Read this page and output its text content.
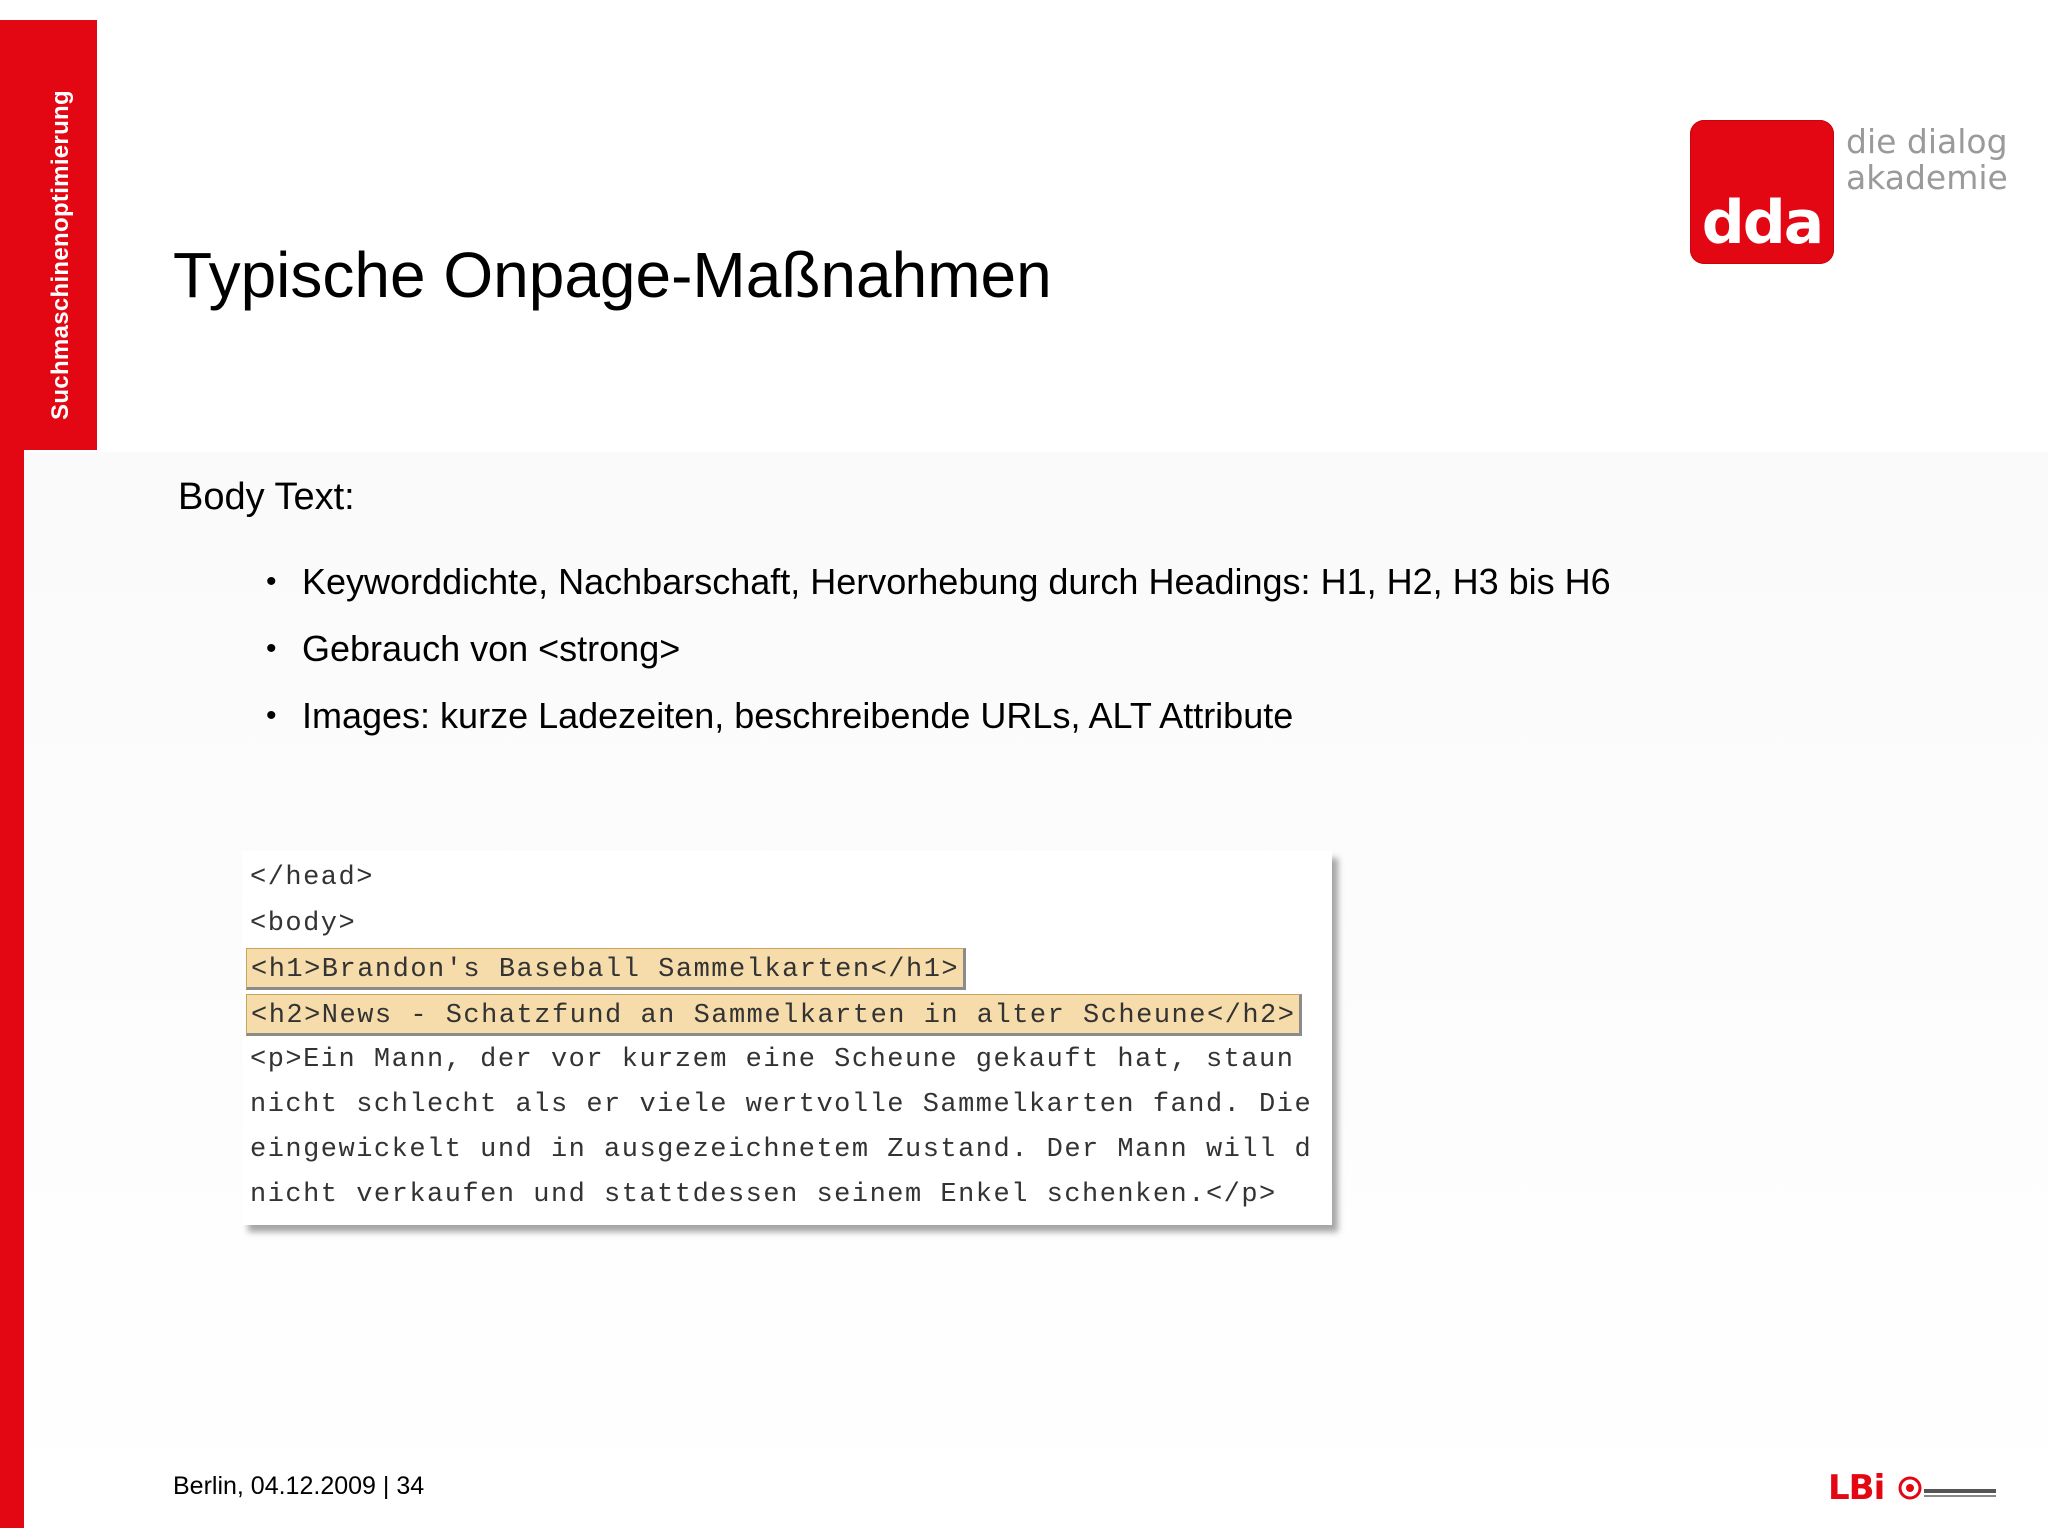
Suchmaschinenoptimierung Typische Onpage-Maßnahmen
dda
die dialog
akademie
Body Text:
• Keyworddichte, Nachbarschaft, Hervorhebung durch Headings: H1, H2, H3 bis H6
• Gebrauch von <strong>
• Images: kurze Ladezeiten, beschreibende URLs, ALT Attribute
</head>
<body>
<h1>Brandon's Baseball Sammelkarten</h1>
<h2>News - Schatzfund an Sammelkarten in alter Scheune</h2>
<p>Ein Mann, der vor kurzem eine Scheune gekauft hat, staun
nicht schlecht als er viele wertvolle Sammelkarten fand. Die
eingewickelt und in ausgezeichnetem Zustand. Der Mann will d
nicht verkaufen und stattdessen seinem Enkel schenken.</p>
Berlin, 04.12.2009 | 34	LBi
